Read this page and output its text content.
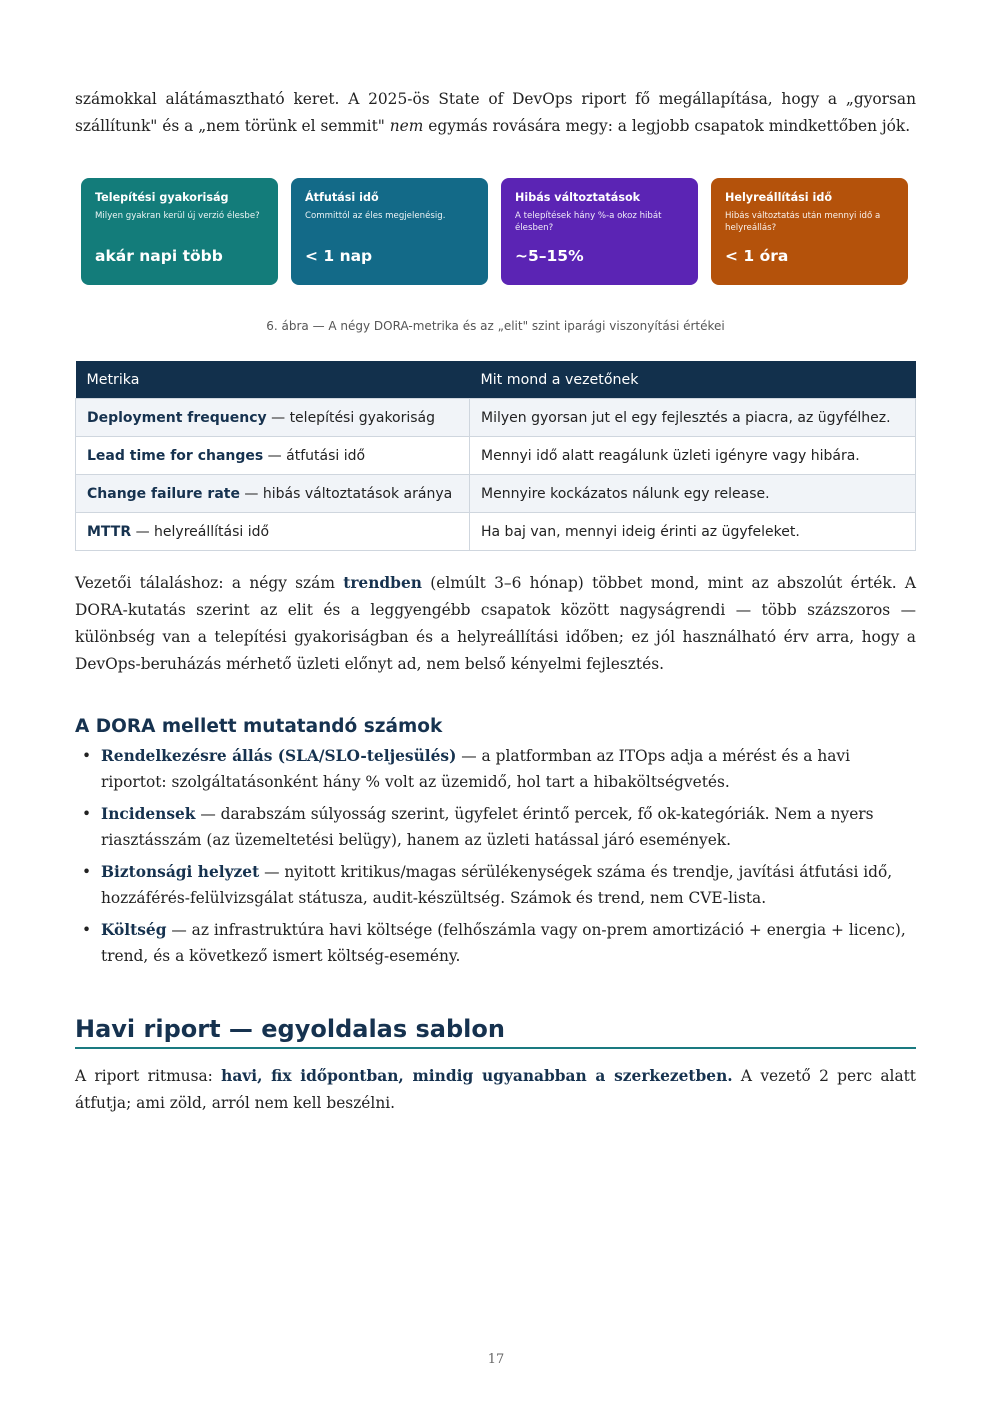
számokkal alátámasztható keret. A 2025-ös State of DevOps riport fő megállapítása, hogy a „gyorsan szállítunk" és a „nem törünk el semmit" nem egymás rovására megy: a legjobb csapatok mindkettőben jók.

Telepítési gyakoriság
Milyen gyakran kerül új verzió élesbe?
akár napi több
Átfutási idő
Committól az éles megjelenésig.
< 1 nap
Hibás változtatások
A telepítések hány %-a okoz hibát élesben?
~5–15%
Helyreállítási idő
Hibás változtatás után mennyi idő a helyreállás?
< 1 óra
6. ábra — A négy DORA-metrika és az „elit" szint iparági viszonyítási értékei
Metrika	Mit mond a vezetőnek
Deployment frequency — telepítési gyakoriság	Milyen gyorsan jut el egy fejlesztés a piacra, az ügyfélhez.
Lead time for changes — átfutási idő	Mennyi idő alatt reagálunk üzleti igényre vagy hibára.
Change failure rate — hibás változtatások aránya	Mennyire kockázatos nálunk egy release.
MTTR — helyreállítási idő	Ha baj van, mennyi ideig érinti az ügyfeleket.

Vezetői tálaláshoz: a négy szám trendben (elmúlt 3–6 hónap) többet mond, mint az abszolút érték. A DORA-kutatás szerint az elit és a leggyengébb csapatok között nagyságrendi — több százszoros — különbség van a telepítési gyakoriságban és a helyreállítási időben; ez jól használható érv arra, hogy a DevOps-beruházás mérhető üzleti előnyt ad, nem belső kényelmi fejlesztés.

A DORA mellett mutatandó számok
• Rendelkezésre állás (SLA/SLO-teljesülés) — a platformban az ITOps adja a mérést és a havi riportot: szolgáltatásonként hány % volt az üzemidő, hol tart a hibaköltségvetés.
• Incidensek — darabszám súlyosság szerint, ügyfelet érintő percek, fő ok-kategóriák. Nem a nyers riasztásszám (az üzemeltetési belügy), hanem az üzleti hatással járó események.
• Biztonsági helyzet — nyitott kritikus/magas sérülékenységek száma és trendje, javítási átfutási idő, hozzáférés-felülvizsgálat státusza, audit-készültség. Számok és trend, nem CVE-lista.
• Költség — az infrastruktúra havi költsége (felhőszámla vagy on-prem amortizáció + energia + licenc), trend, és a következő ismert költség-esemény.
Havi riport — egyoldalas sablon

A riport ritmusa: havi, fix időpontban, mindig ugyanabban a szerkezetben. A vezető 2 perc alatt átfutja; ami zöld, arról nem kell beszélni.

17
